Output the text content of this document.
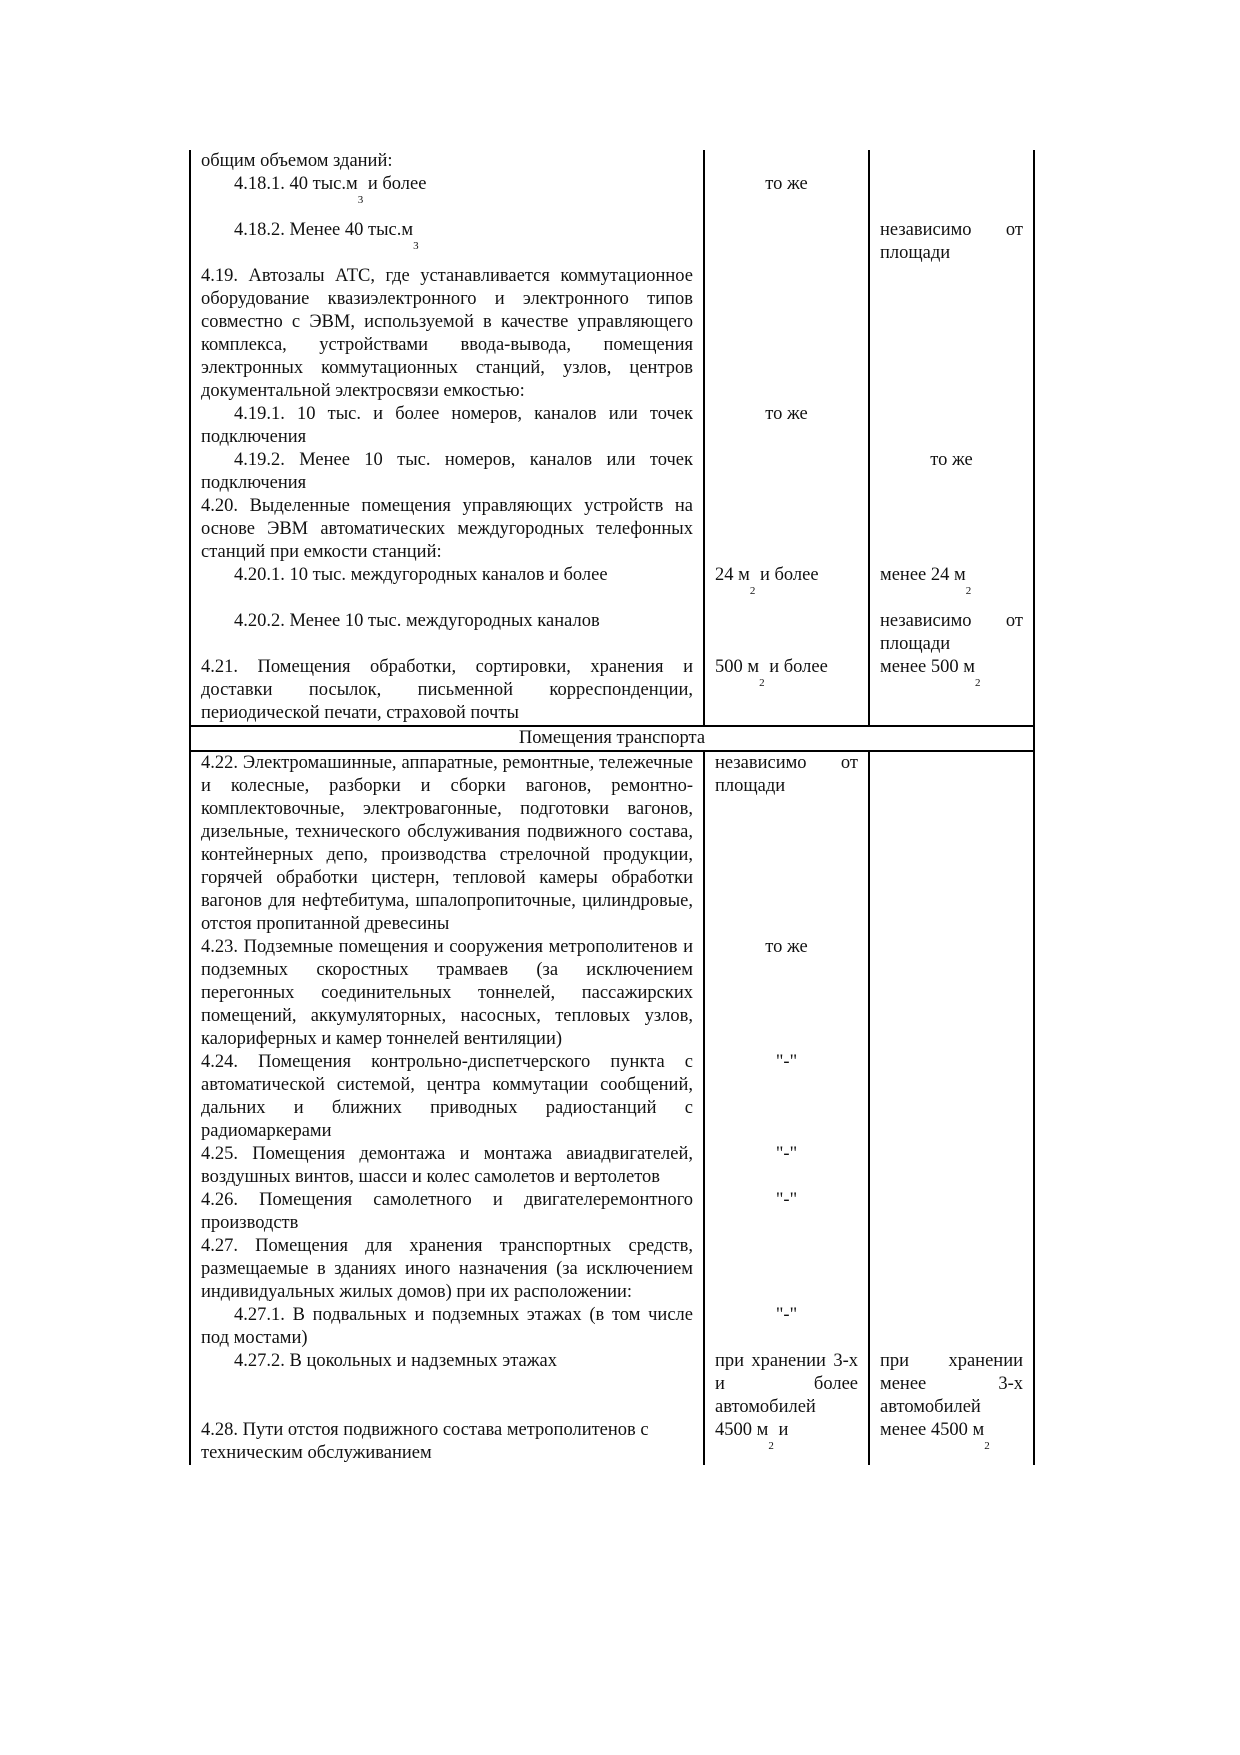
общим объемом зданий:		
4.18.1. 40 $тыс.м_3$ и более	то же	
4.18.2. Менее 40 $тыс.м_3$		независимо от площади
4.19. Автозалы АТС, где устанавливается коммутационное оборудование квазиэлектронного и электронного типов совместно с ЭВМ, используемой в качестве управляющего комплекса, устройствами ввода-вывода, помещения электронных коммутационных станций, узлов, центров документальной электросвязи емкостью:		
4.19.1. 10 тыс. и более номеров, каналов или точек подключения	то же	
4.19.2. Менее 10 тыс. номеров, каналов или точек подключения		то же
4.20. Выделенные помещения управляющих устройств на основе ЭВМ автоматических междугородных телефонных станций при емкости станций:		
4.20.1. 10 тыс. междугородных каналов и более	24 $м_2$ и более	менее 24 $м_2$
4.20.2. Менее 10 тыс. междугородных каналов		независимо от площади
4.21. Помещения обработки, сортировки, хранения и доставки посылок, письменной корреспонденции, периодической печати, страховой почты	500 $м_2$ и более	менее 500 $м_2$
Помещения транспорта		
4.22. Электромашинные, аппаратные, ремонтные, тележечные и колесные, разборки и сборки вагонов, ремонтно-комплектовочные, электровагонные, подготовки вагонов, дизельные, технического обслуживания подвижного состава, контейнерных депо, производства стрелочной продукции, горячей обработки цистерн, тепловой камеры обработки вагонов для нефтебитума, шпалопропиточные, цилиндровые, отстоя пропитанной древесины	независимо от площади	
4.23. Подземные помещения и сооружения метрополитенов и подземных скоростных трамваев (за исключением перегонных соединительных тоннелей, пассажирских помещений, аккумуляторных, насосных, тепловых узлов, калориферных и камер тоннелей вентиляции)	то же	
4.24. Помещения контрольно-диспетчерского пункта с автоматической системой, центра коммутации сообщений, дальних и ближних приводных радиостанций с радиомаркерами	"-"	
4.25. Помещения демонтажа и монтажа авиадвигателей, воздушных винтов, шасси и колес самолетов и вертолетов	"-"	
4.26. Помещения самолетного и двигателеремонтного производств	"-"	
4.27. Помещения для хранения транспортных средств, размещаемые в зданиях иного назначения (за исключением индивидуальных жилых домов) при их расположении:		
4.27.1. В подвальных и подземных этажах (в том числе под мостами)	"-"	
4.27.2. В цокольных и надземных этажах	при хранении 3-х и более автомобилей	при хранении менее 3-х автомобилей
4.28. Пути отстоя подвижного состава метрополитенов с техническим обслуживанием	4500 $м_2$ и	менее 4500 $м_2$
